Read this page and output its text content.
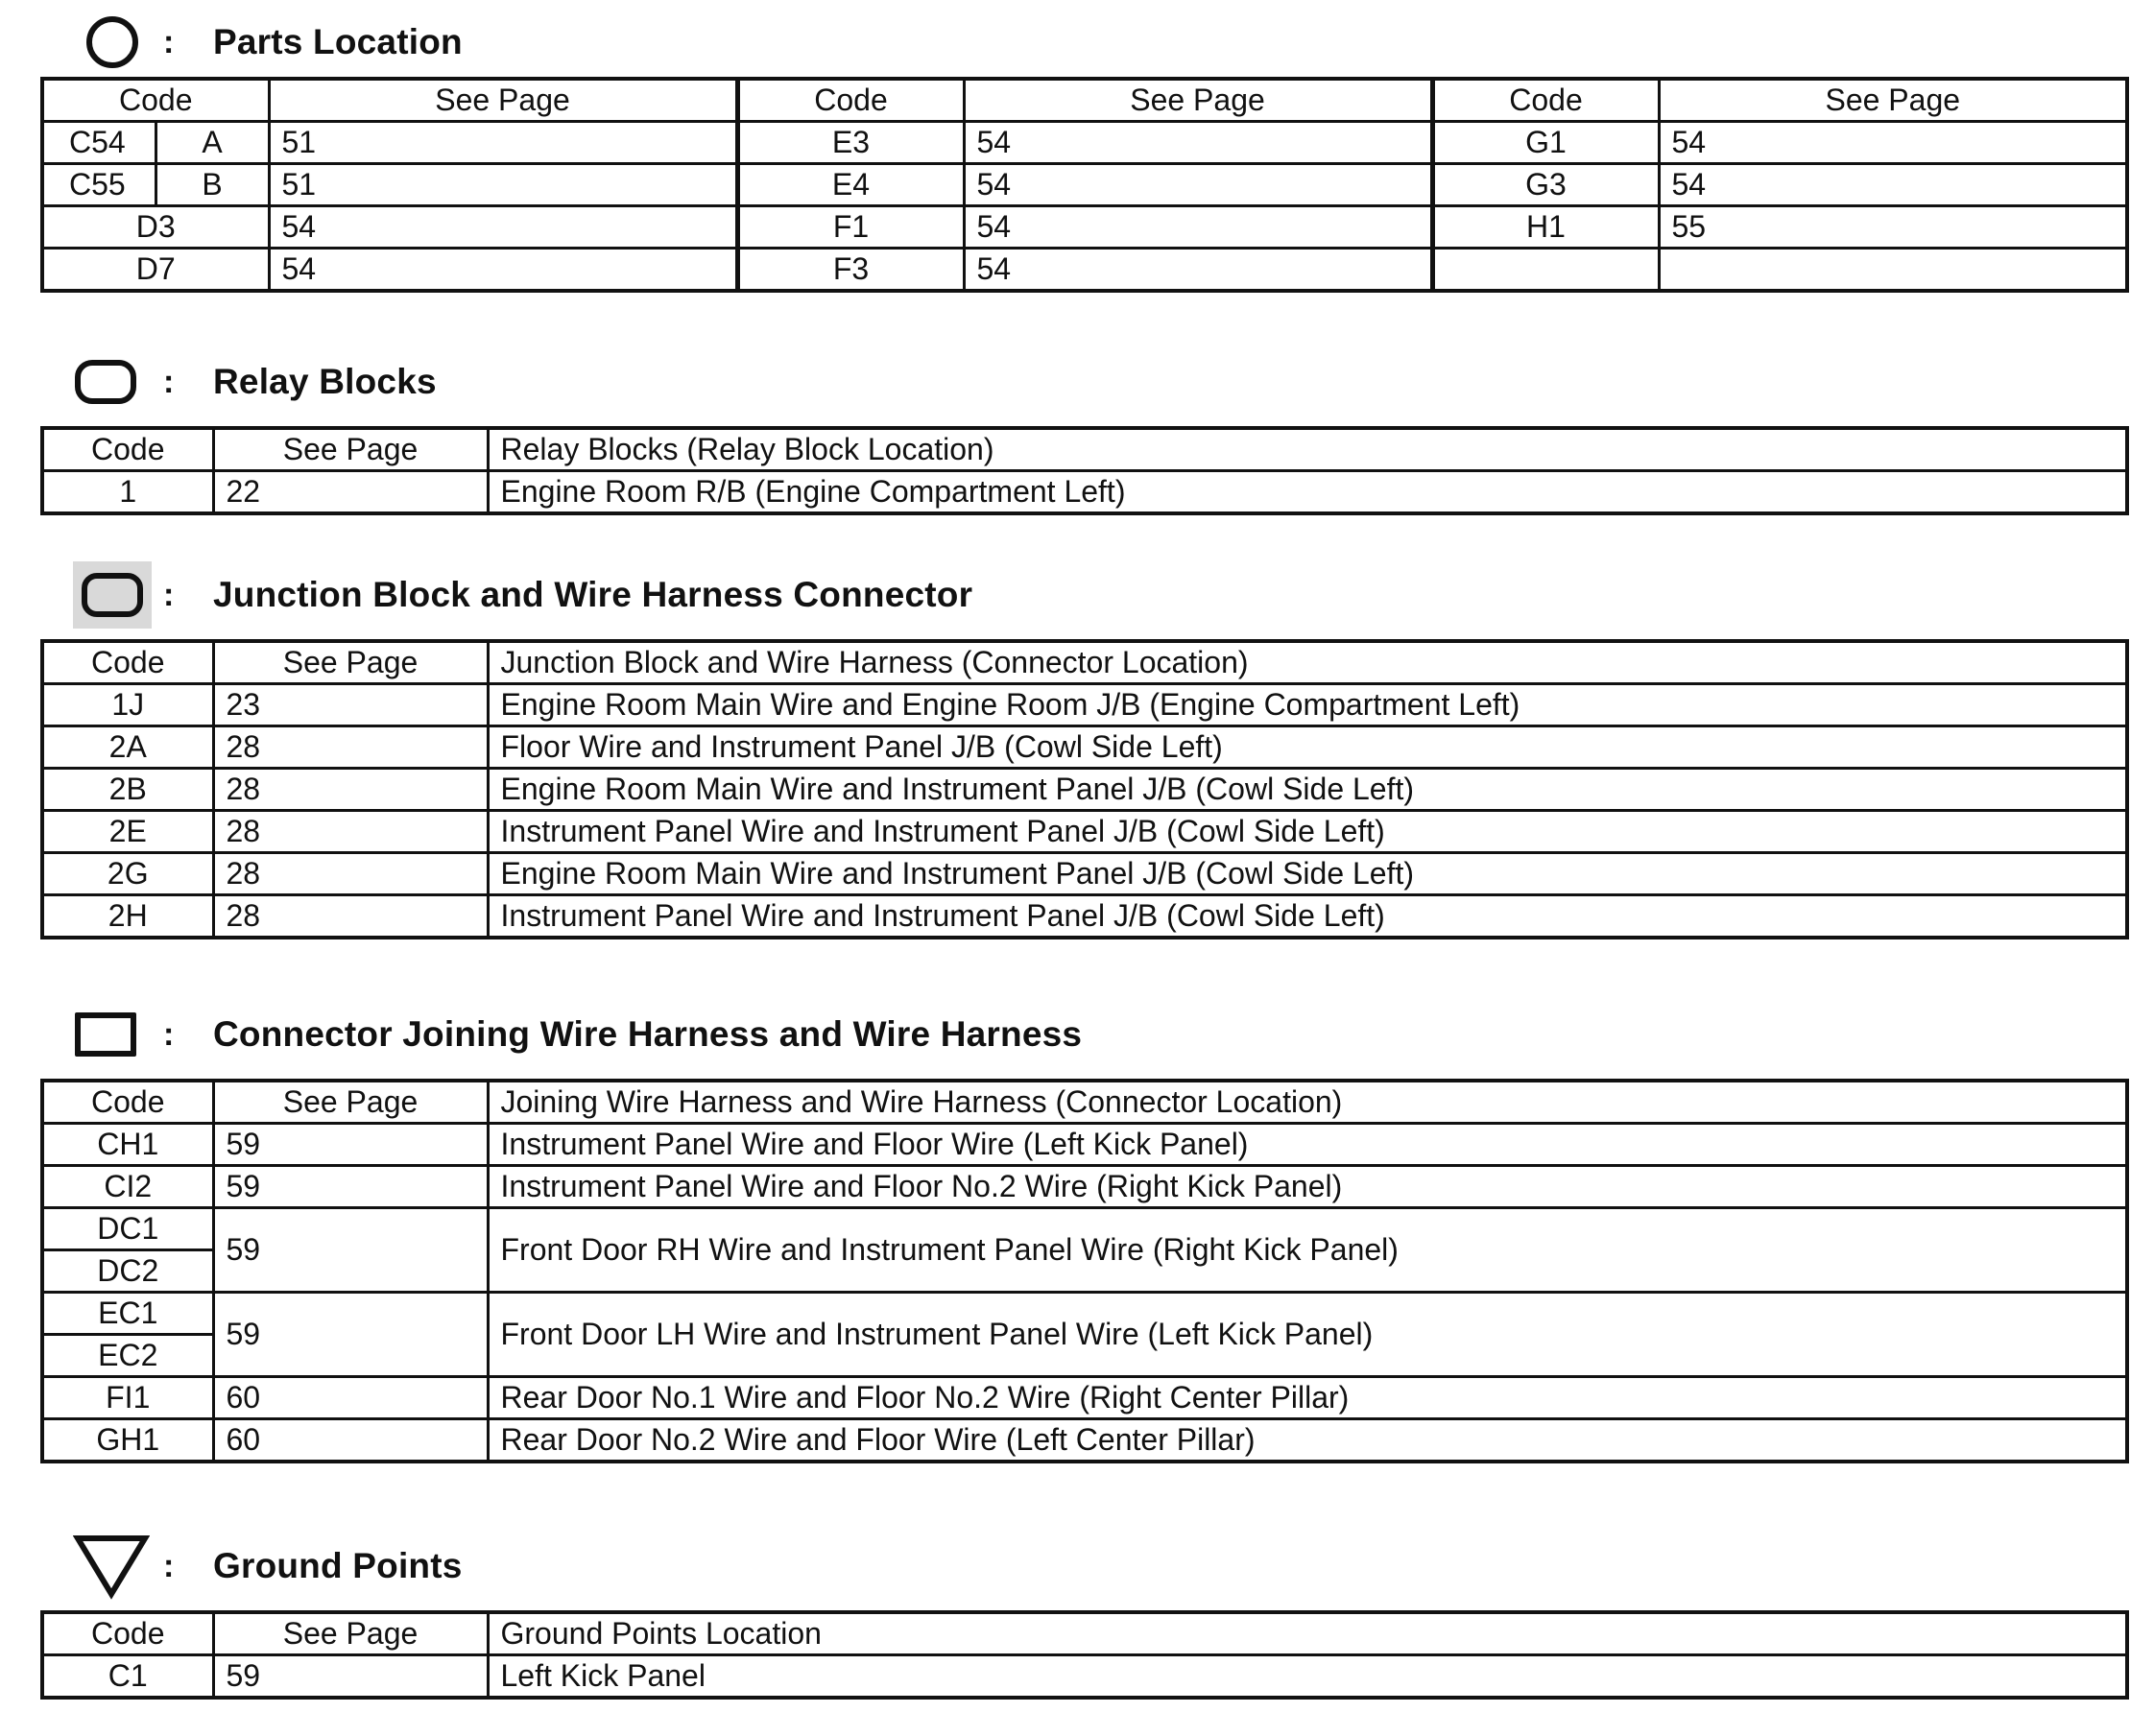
:	Parts Location
Code		See Page	Code	See Page	Code	See Page
C54	A	51	E3	54	G1	54
C55	B	51	E4	54	G3	54
D3		54	F1	54	H1	55
D7		54	F3	54		
:	Relay Blocks
Code	See Page	Relay Blocks (Relay Block Location)
1	22	Engine Room R/B (Engine Compartment Left)
:	Junction Block and Wire Harness Connector
Code	See Page	Junction Block and Wire Harness (Connector Location)
1J	23	Engine Room Main Wire and Engine Room J/B (Engine Compartment Left)
2A	28	Floor Wire and Instrument Panel J/B (Cowl Side Left)
2B	28	Engine Room Main Wire and Instrument Panel J/B (Cowl Side Left)
2E	28	Instrument Panel Wire and Instrument Panel J/B (Cowl Side Left)
2G	28	Engine Room Main Wire and Instrument Panel J/B (Cowl Side Left)
2H	28	Instrument Panel Wire and Instrument Panel J/B (Cowl Side Left)
:	Connector Joining Wire Harness and Wire Harness
Code	See Page	Joining Wire Harness and Wire Harness (Connector Location)
CH1	59	Instrument Panel Wire and Floor Wire (Left Kick Panel)
CI2	59	Instrument Panel Wire and Floor No.2 Wire (Right Kick Panel)
DC1	59	Front Door RH Wire and Instrument Panel Wire (Right Kick Panel)
DC2		
EC1	59	Front Door LH Wire and Instrument Panel Wire (Left Kick Panel)
EC2		
FI1	60	Rear Door No.1 Wire and Floor No.2 Wire (Right Center Pillar)
GH1	60	Rear Door No.2 Wire and Floor Wire (Left Center Pillar)
:	Ground Points
Code	See Page	Ground Points Location
C1	59	Left Kick Panel
